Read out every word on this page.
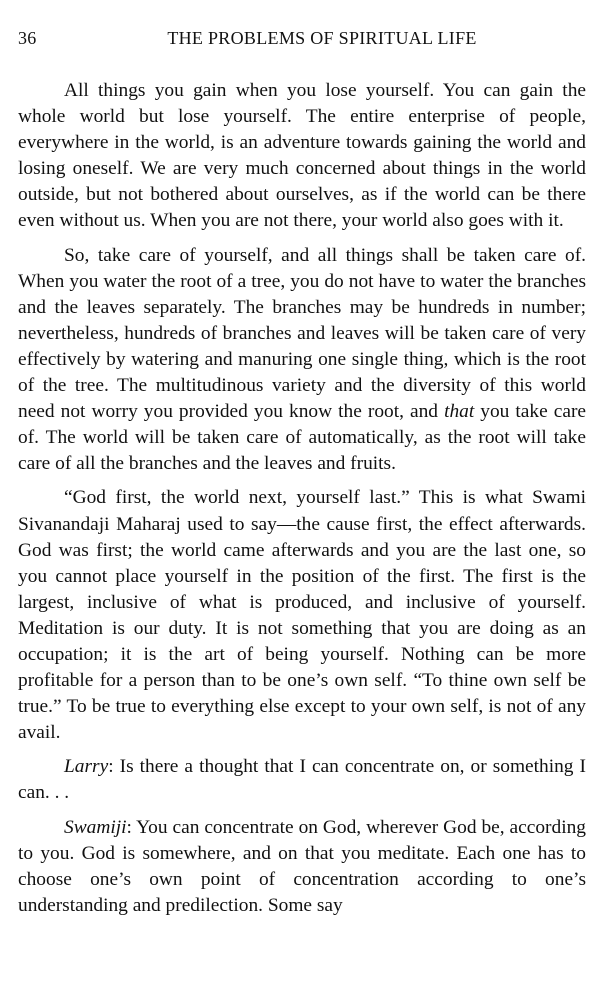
36	THE PROBLEMS OF SPIRITUAL LIFE

All things you gain when you lose yourself. You can gain the whole world but lose yourself. The entire enterprise of people, everywhere in the world, is an adventure towards gaining the world and losing oneself. We are very much concerned about things in the world outside, but not bothered about ourselves, as if the world can be there even without us. When you are not there, your world also goes with it.

So, take care of yourself, and all things shall be taken care of. When you water the root of a tree, you do not have to water the branches and the leaves separately. The branches may be hundreds in number; nevertheless, hundreds of branches and leaves will be taken care of very effectively by watering and manuring one single thing, which is the root of the tree. The multitudinous variety and the diversity of this world need not worry you provided you know the root, and that you take care of. The world will be taken care of automatically, as the root will take care of all the branches and the leaves and fruits.

“God first, the world next, yourself last.” This is what Swami Sivanandaji Maharaj used to say—the cause first, the effect afterwards. God was first; the world came afterwards and you are the last one, so you cannot place yourself in the position of the first. The first is the largest, inclusive of what is produced, and inclusive of yourself. Meditation is our duty. It is not something that you are doing as an occupation; it is the art of being yourself. Nothing can be more profitable for a person than to be one’s own self. “To thine own self be true.” To be true to everything else except to your own self, is not of any avail.

Larry: Is there a thought that I can concentrate on, or something I can. . .

Swamiji: You can concentrate on God, wherever God be, according to you. God is somewhere, and on that you meditate. Each one has to choose one’s own point of concentration according to one’s understanding and predilection. Some say
